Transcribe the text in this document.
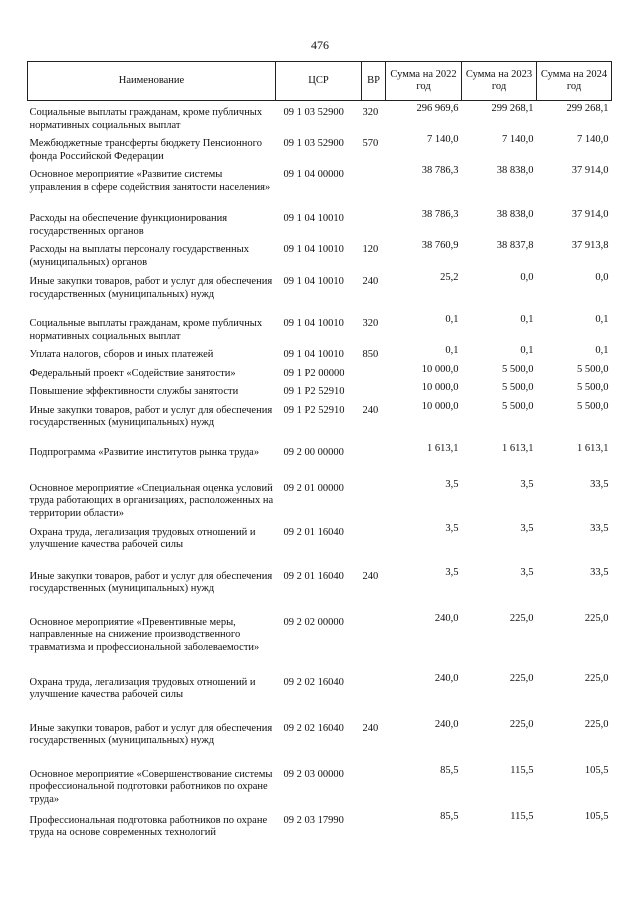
476
Наименование	ЦСР	ВР	Сумма на 2022 год	Сумма на 2023 год	Сумма на 2024 год
Социальные выплаты гражданам, кроме публичных нормативных социальных выплат	09 1 03 52900	320	296 969,6	299 268,1	299 268,1
Межбюджетные трансферты бюджету Пенсионного фонда Российской Федерации	09 1 03 52900	570	7 140,0	7 140,0	7 140,0
Основное мероприятие «Развитие системы управления в сфере содействия занятости населения»	09 1 04 00000		38 786,3	38 838,0	37 914,0
Расходы на обеспечение функционирования государственных органов	09 1 04 10010		38 786,3	38 838,0	37 914,0
Расходы на выплаты персоналу государственных (муниципальных) органов	09 1 04 10010	120	38 760,9	38 837,8	37 913,8
Иные закупки товаров, работ и услуг для обеспечения государственных (муниципальных) нужд	09 1 04 10010	240	25,2	0,0	0,0
Социальные выплаты гражданам, кроме публичных нормативных социальных выплат	09 1 04 10010	320	0,1	0,1	0,1
Уплата налогов, сборов и иных платежей	09 1 04 10010	850	0,1	0,1	0,1
Федеральный проект «Содействие занятости»	09 1 P2 00000		10 000,0	5 500,0	5 500,0
Повышение эффективности службы занятости	09 1 P2 52910		10 000,0	5 500,0	5 500,0
Иные закупки товаров, работ и услуг для обеспечения государственных (муниципальных) нужд	09 1 P2 52910	240	10 000,0	5 500,0	5 500,0
Подпрограмма «Развитие институтов рынка труда»	09 2 00 00000		1 613,1	1 613,1	1 613,1
Основное мероприятие «Специальная оценка условий труда работающих в организациях, расположенных на территории области»	09 2 01 00000		3,5	3,5	33,5
Охрана труда, легализация трудовых отношений и улучшение качества рабочей силы	09 2 01 16040		3,5	3,5	33,5
Иные закупки товаров, работ и услуг для обеспечения государственных (муниципальных) нужд	09 2 01 16040	240	3,5	3,5	33,5
Основное мероприятие «Превентивные меры, направленные на снижение производственного травматизма и профессиональной заболеваемости»	09 2 02 00000		240,0	225,0	225,0
Охрана труда, легализация трудовых отношений и улучшение качества рабочей силы	09 2 02 16040		240,0	225,0	225,0
Иные закупки товаров, работ и услуг для обеспечения государственных (муниципальных) нужд	09 2 02 16040	240	240,0	225,0	225,0
Основное мероприятие «Совершенствование системы профессиональной подготовки работников по охране труда»	09 2 03 00000		85,5	115,5	105,5
Профессиональная подготовка работников по охране труда на основе современных технологий	09 2 03 17990		85,5	115,5	105,5
